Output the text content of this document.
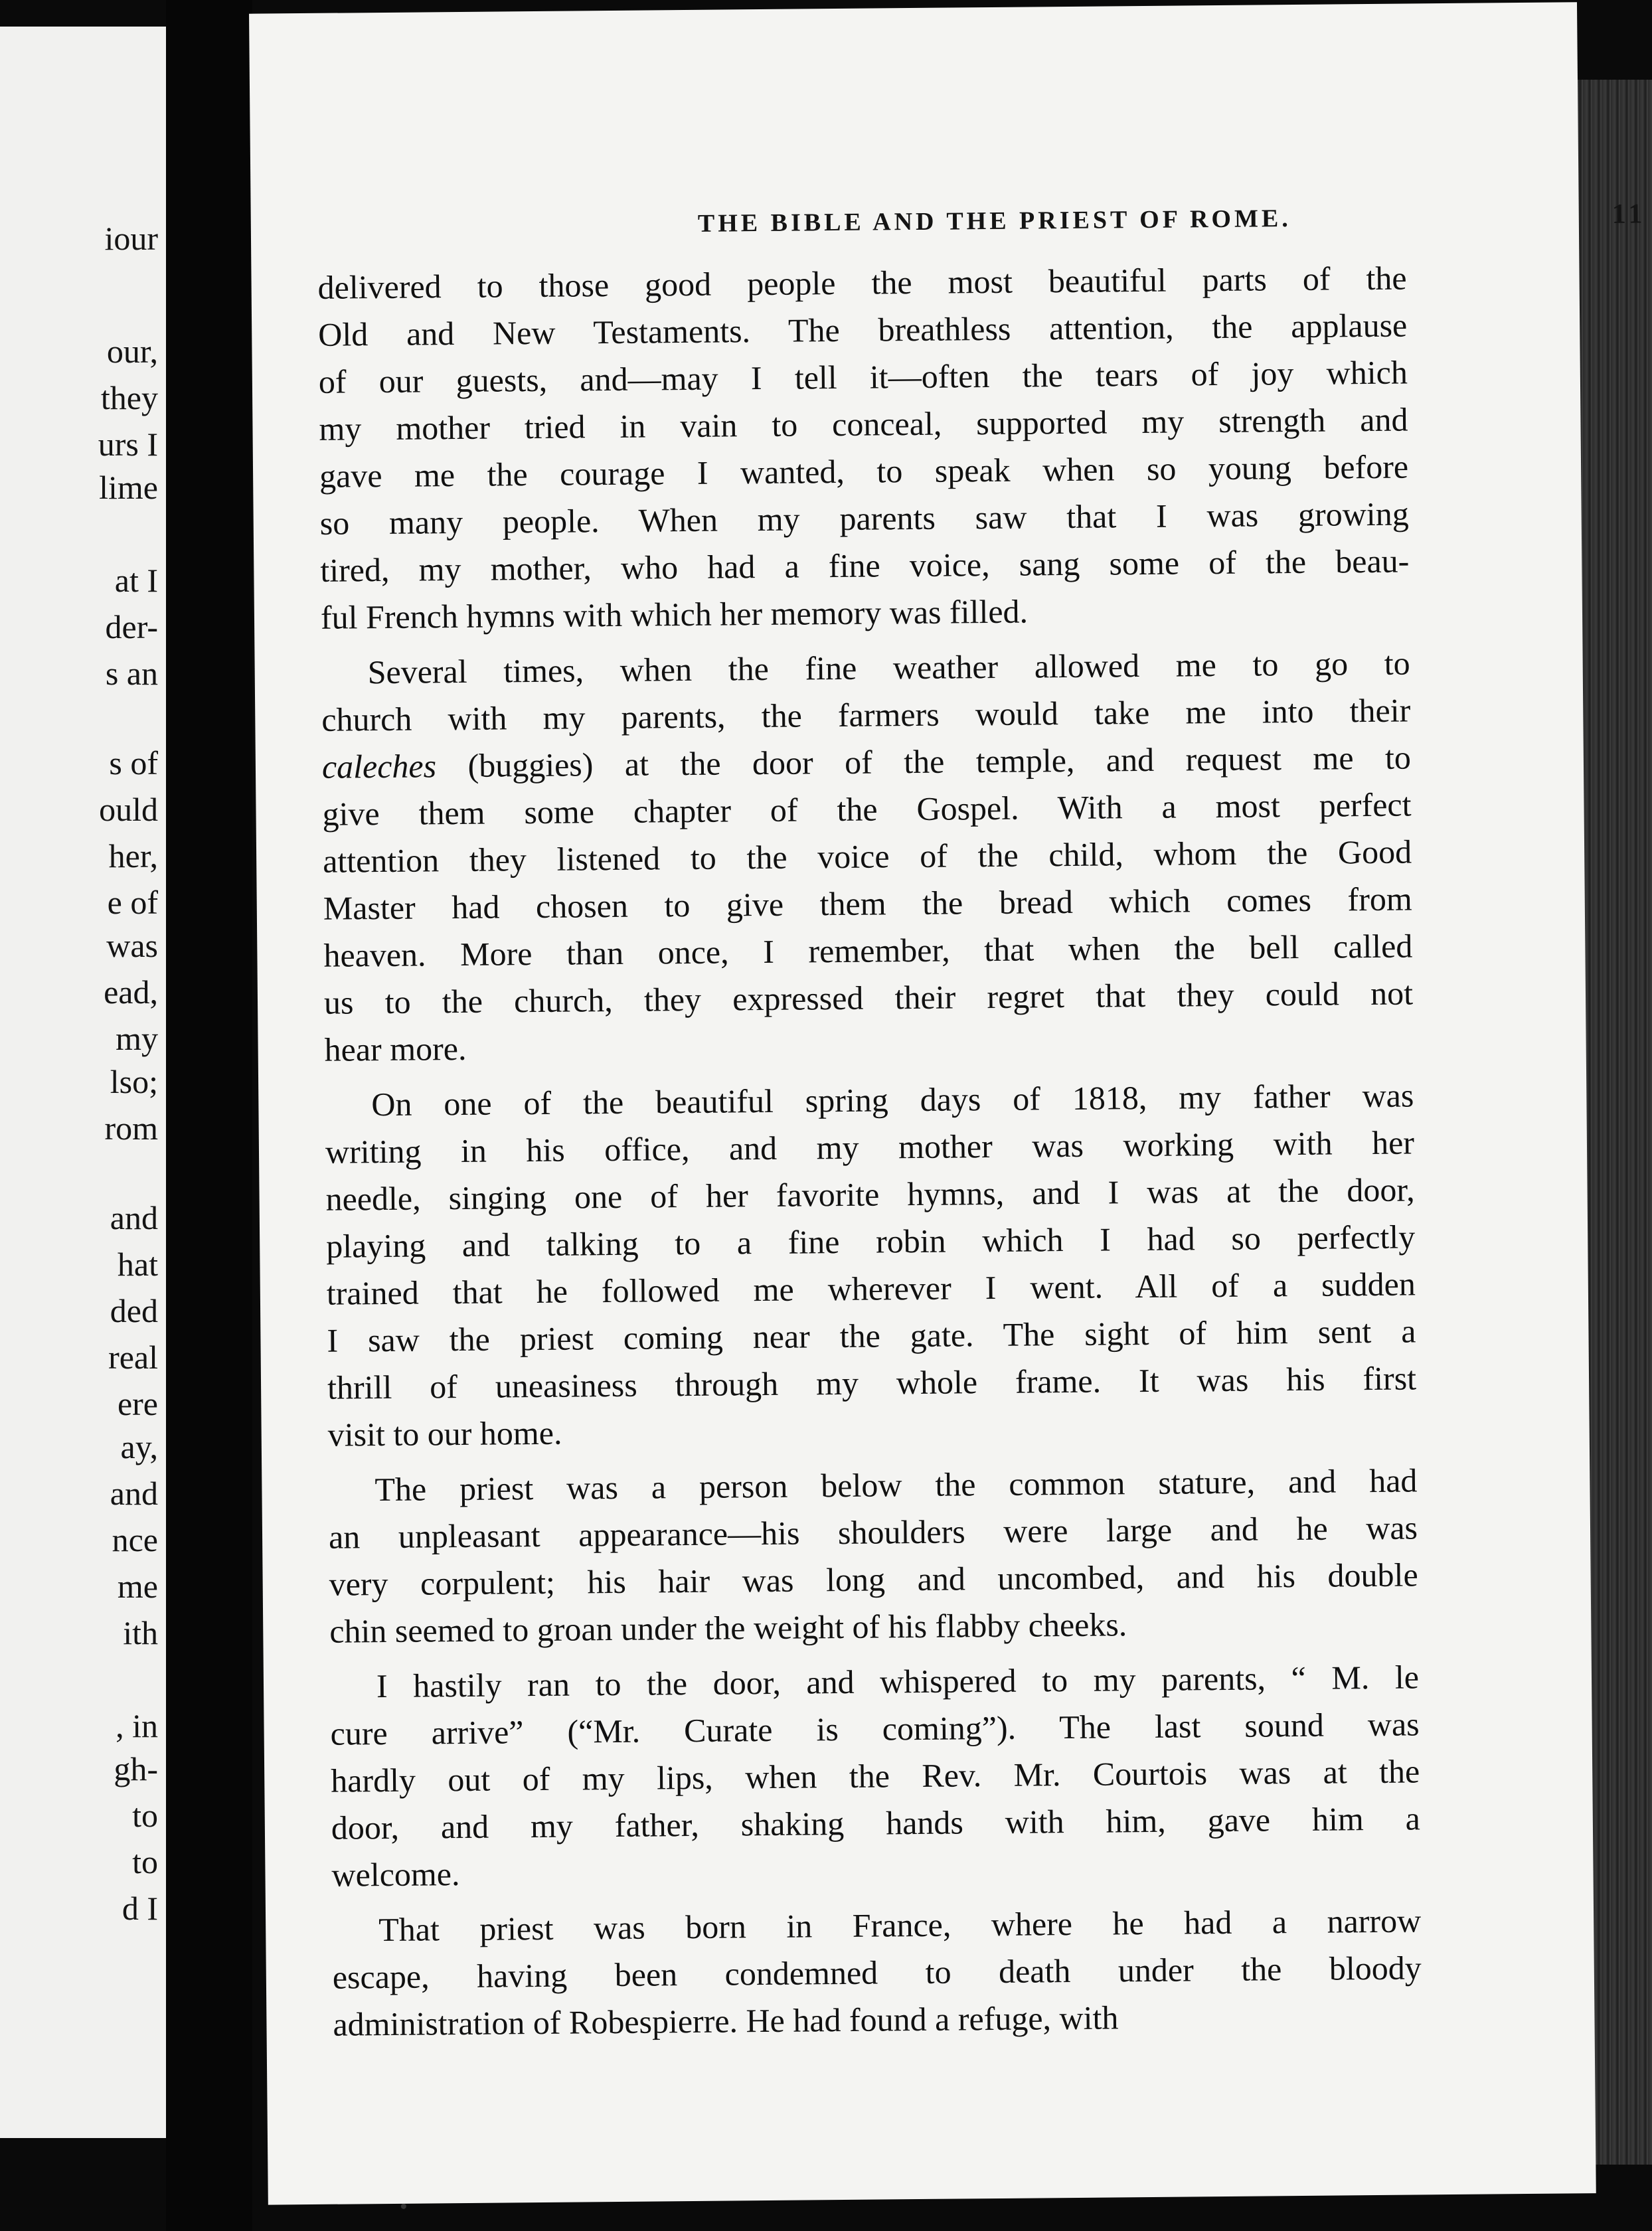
iour
our,
they
urs I
lime
at I
der-
s an
s of
ould
her,
e of
was
ead,
my
lso;
rom
and
hat
ded
real
ere
ay,
and
nce
me
ith
, in
gh-
to
to
d I
THE BIBLE AND THE PRIEST OF ROME.	11
delivered to those good people the most beautiful parts of the
Old and New Testaments. The breathless attention, the applause
of our guests, and—may I tell it—often the tears of joy which
my mother tried in vain to conceal, supported my strength and
gave me the courage I wanted, to speak when so young before
so many people. When my parents saw that I was growing
tired, my mother, who had a fine voice, sang some of the beau-
ful French hymns with which her memory was filled.
Several times, when the fine weather allowed me to go to
church with my parents, the farmers would take me into their
caleches (buggies) at the door of the temple, and request me to
give them some chapter of the Gospel. With a most perfect
attention they listened to the voice of the child, whom the Good
Master had chosen to give them the bread which comes from
heaven. More than once, I remember, that when the bell called
us to the church, they expressed their regret that they could not
hear more.
On one of the beautiful spring days of 1818, my father was
writing in his office, and my mother was working with her
needle, singing one of her favorite hymns, and I was at the door,
playing and talking to a fine robin which I had so perfectly
trained that he followed me wherever I went. All of a sudden
I saw the priest coming near the gate. The sight of him sent a
thrill of uneasiness through my whole frame. It was his first
visit to our home.
The priest was a person below the common stature, and had
an unpleasant appearance—his shoulders were large and he was
very corpulent; his hair was long and uncombed, and his double
chin seemed to groan under the weight of his flabby cheeks.
I hastily ran to the door, and whispered to my parents, “ M. le
cure arrive” (“Mr. Curate is coming”). The last sound was
hardly out of my lips, when the Rev. Mr. Courtois was at the
door, and my father, shaking hands with him, gave him a
welcome.
That priest was born in France, where he had a narrow
escape, having been condemned to death under the bloody
administration of Robespierre. He had found a refuge, with
